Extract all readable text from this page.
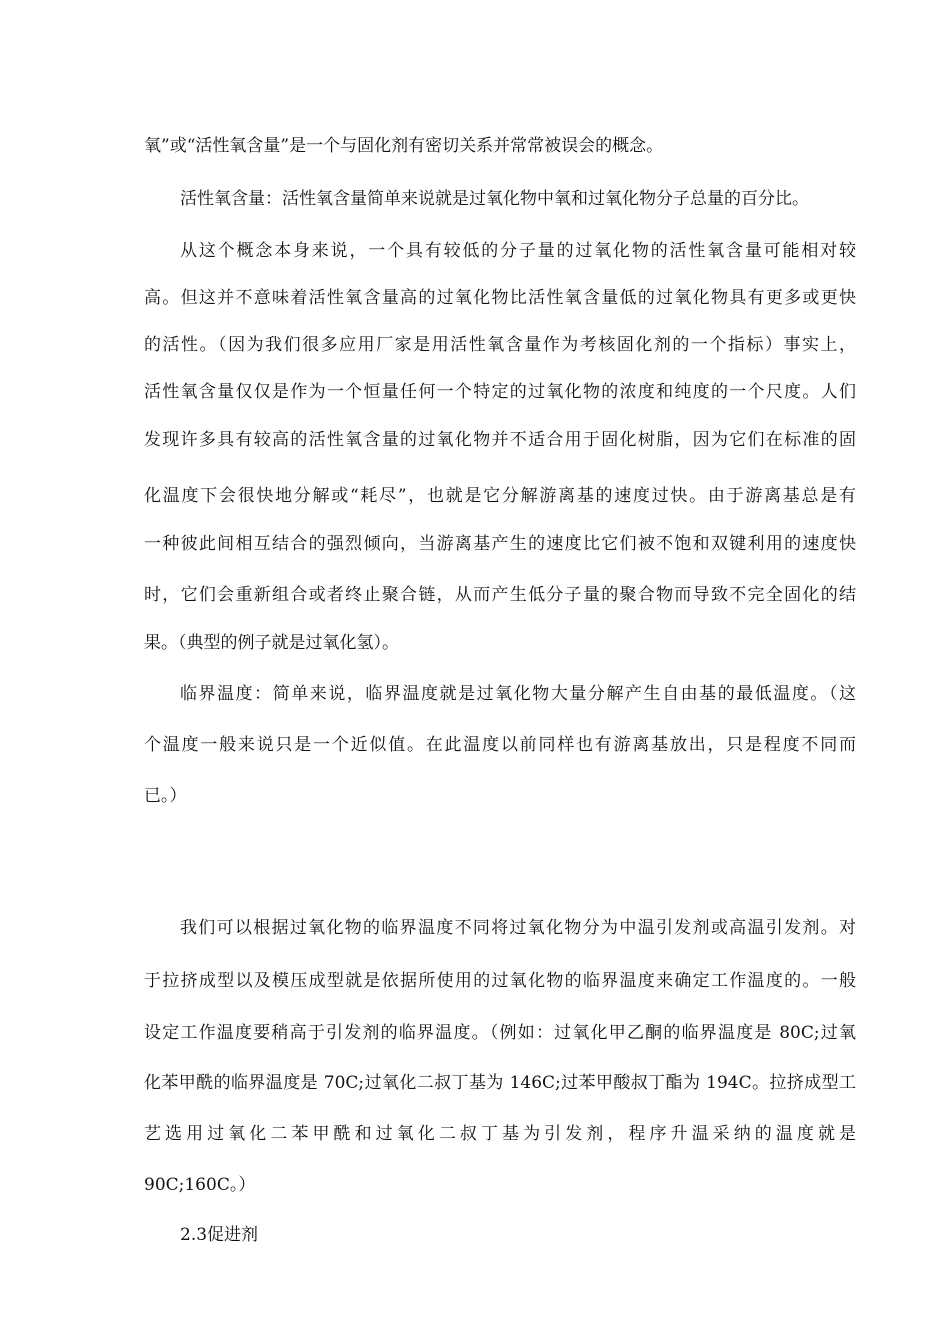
氧”或“活性氧含量”是一个与固化剂有密切关系并常常被误会的概念。
活性氧含量：活性氧含量简单来说就是过氧化物中氧和过氧化物分子总量的百分比。
从这个概念本身来说，一个具有较低的分子量的过氧化物的活性氧含量可能相对较
高。但这并不意味着活性氧含量高的过氧化物比活性氧含量低的过氧化物具有更多或更快
的活性。（因为我们很多应用厂家是用活性氧含量作为考核固化剂的一个指标）事实上，
活性氧含量仅仅是作为一个恒量任何一个特定的过氧化物的浓度和纯度的一个尺度。人们
发现许多具有较高的活性氧含量的过氧化物并不适合用于固化树脂，因为它们在标准的固
化温度下会很快地分解或“耗尽”，也就是它分解游离基的速度过快。由于游离基总是有
一种彼此间相互结合的强烈倾向，当游离基产生的速度比它们被不饱和双键利用的速度快
时，它们会重新组合或者终止聚合链，从而产生低分子量的聚合物而导致不完全固化的结
果。（典型的例子就是过氧化氢）。
临界温度：简单来说，临界温度就是过氧化物大量分解产生自由基的最低温度。（这
个温度一般来说只是一个近似值。在此温度以前同样也有游离基放出，只是程度不同而
已。）
我们可以根据过氧化物的临界温度不同将过氧化物分为中温引发剂或高温引发剂。对
于拉挤成型以及模压成型就是依据所使用的过氧化物的临界温度来确定工作温度的。一般
设定工作温度要稍高于引发剂的临界温度。（例如：过氧化甲乙酮的临界温度是 80C;过氧
化苯甲酰的临界温度是 70C;过氧化二叔丁基为 146C;过苯甲酸叔丁酯为 194C。拉挤成型工
艺选用过氧化二苯甲酰和过氧化二叔丁基为引发剂，程序升温采纳的温度就是
90C;160C。）
2.3促进剂
